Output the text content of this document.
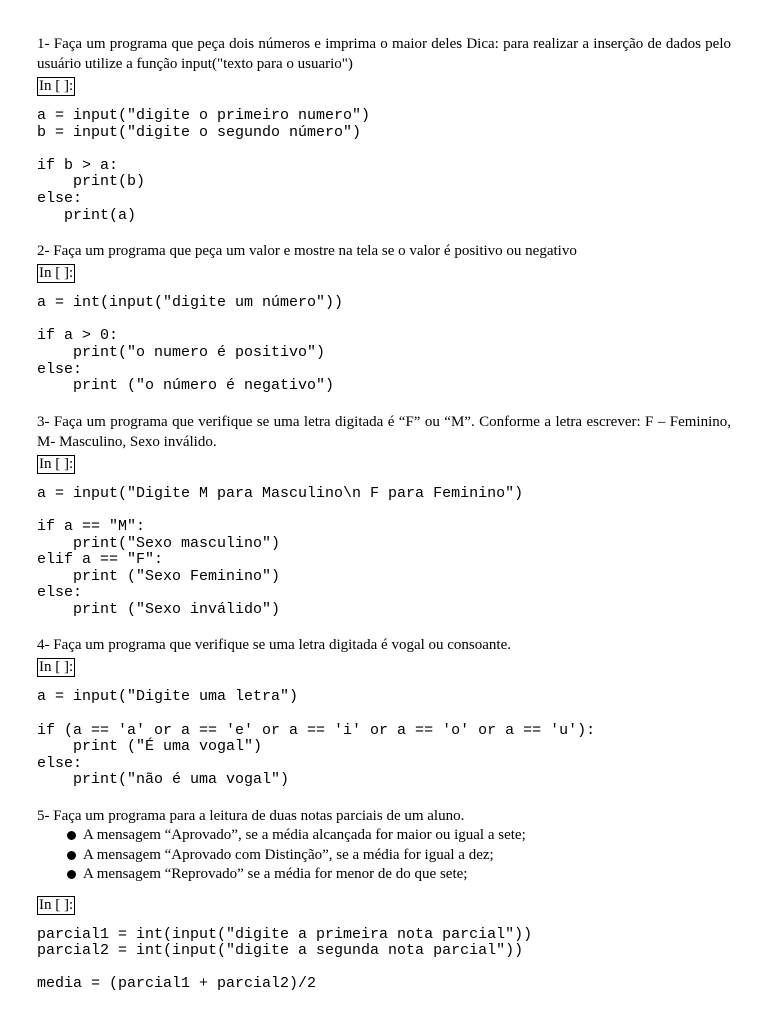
1- Faça um programa que peça dois números e imprima o maior deles Dica: para realizar a inserção de dados pelo usuário utilize a função input("texto para o usuario")

In [ ]:
a = input("digite o primeiro numero")
b = input("digite o segundo número")

if b > a:
print(b)
else:
print(a)

2- Faça um programa que peça um valor e mostre na tela se o valor é positivo ou negativo

In [ ]:
a = int(input("digite um número"))

if a > 0:
print("o numero é positivo")
else:
print ("o número é negativo")

3- Faça um programa que verifique se uma letra digitada é “F” ou “M”. Conforme a letra escrever: F – Feminino, M- Masculino, Sexo inválido.

In [ ]:
a = input("Digite M para Masculino\n F para Feminino")

if a == "M":
print("Sexo masculino")
elif a == "F":
print ("Sexo Feminino")
else:
print ("Sexo inválido")

4- Faça um programa que verifique se uma letra digitada é vogal ou consoante.

In [ ]:
a = input("Digite uma letra")

if (a == 'a' or a == 'e' or a == 'i' or a == 'o' or a == 'u'):
print ("É uma vogal")
else:
print("não é uma vogal")

5- Faça um programa para a leitura de duas notas parciais de um aluno.

A mensagem “Aprovado”, se a média alcançada for maior ou igual a sete;
A mensagem “Aprovado com Distinção”, se a média for igual a dez;
A mensagem “Reprovado” se a média for menor de do que sete;
In [ ]:
parcial1 = int(input("digite a primeira nota parcial"))
parcial2 = int(input("digite a segunda nota parcial"))

media = (parcial1 + parcial2)/2
